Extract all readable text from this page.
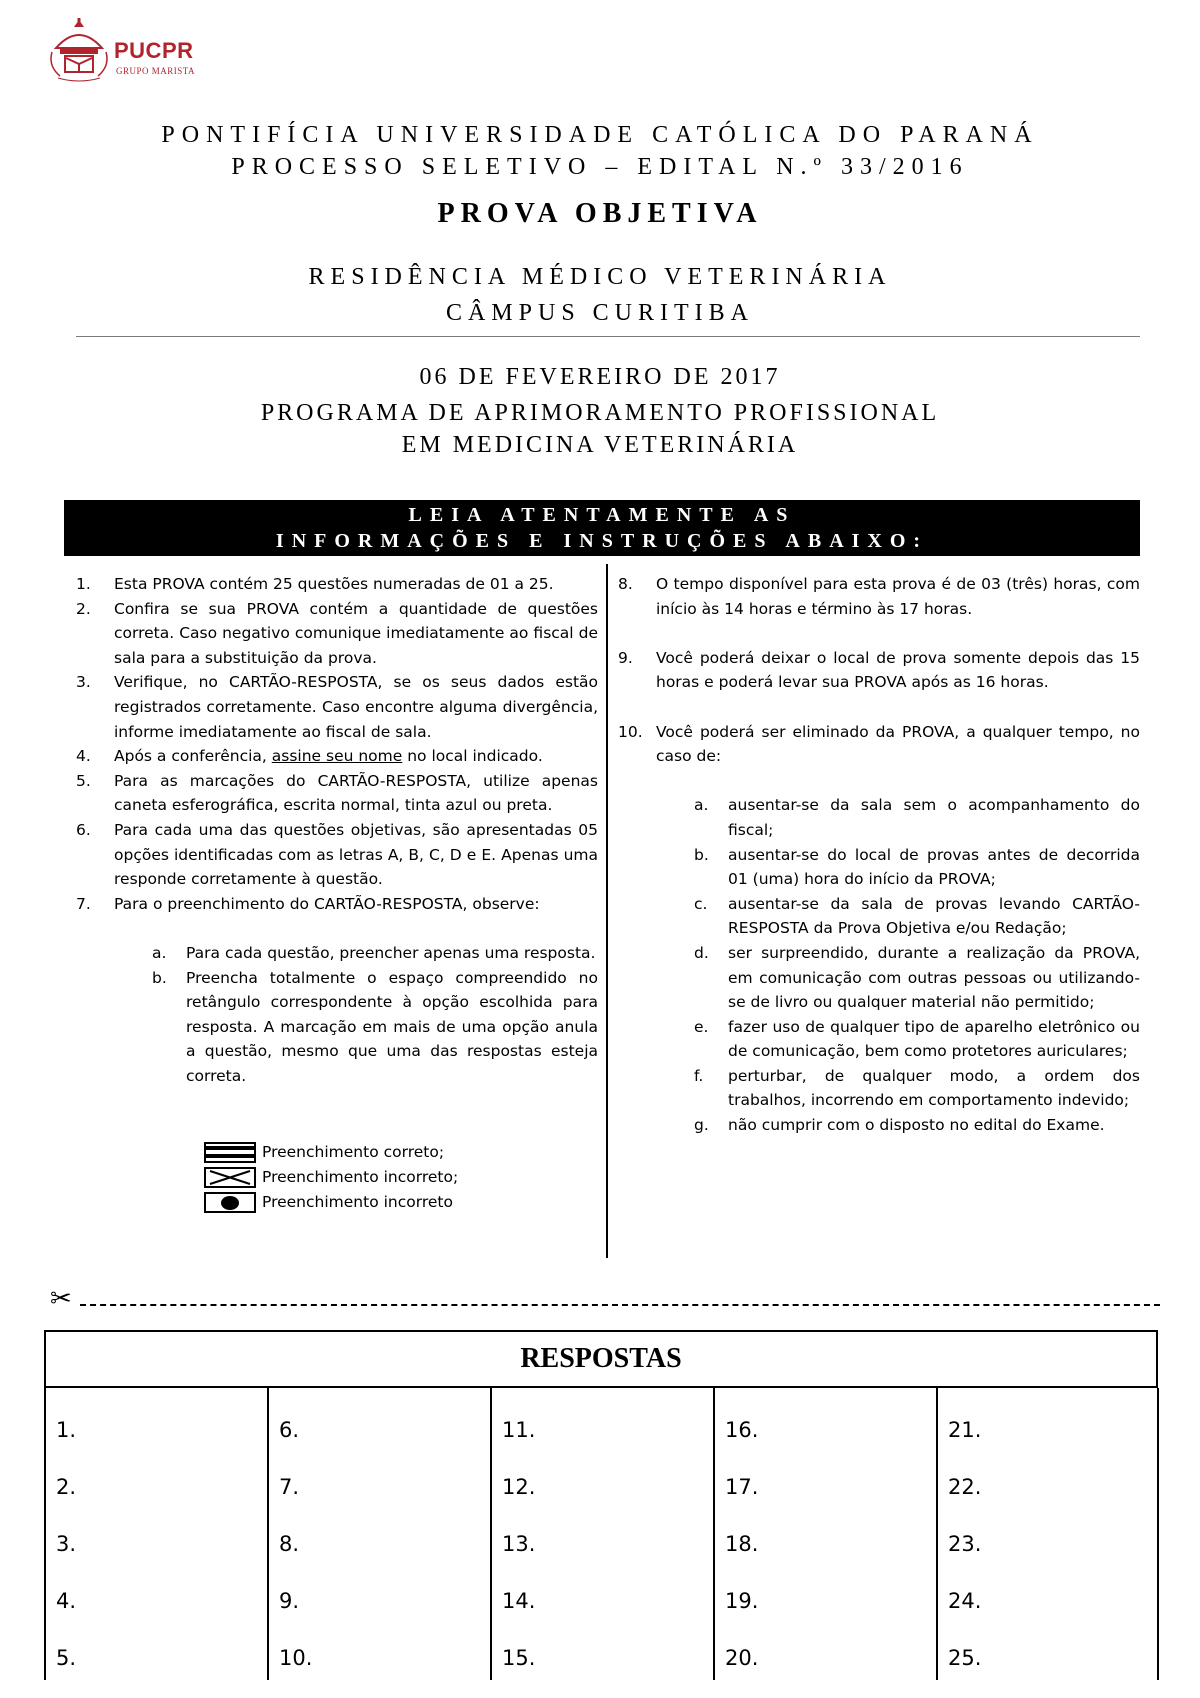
PUCPR
GRUPO MARISTA
PONTIFÍCIA UNIVERSIDADE CATÓLICA DO PARANÁ
PROCESSO SELETIVO – EDITAL N.º 33/2016
PROVA OBJETIVA
RESIDÊNCIA MÉDICO VETERINÁRIA
CÂMPUS CURITIBA
06 DE FEVEREIRO DE 2017
PROGRAMA DE APRIMORAMENTO PROFISSIONAL
EM MEDICINA VETERINÁRIA
LEIA ATENTAMENTE AS
INFORMAÇÕES E INSTRUÇÕES ABAIXO:
1. Esta PROVA contém 25 questões numeradas de 01 a 25.
2. Confira se sua PROVA contém a quantidade de questões correta. Caso negativo comunique imediatamente ao fiscal de sala para a substituição da prova.
3. Verifique, no CARTÃO-RESPOSTA, se os seus dados estão registrados corretamente. Caso encontre alguma divergência, informe imediatamente ao fiscal de sala.
4. Após a conferência, assine seu nome no local indicado.
5. Para as marcações do CARTÃO-RESPOSTA, utilize apenas caneta esferográfica, escrita normal, tinta azul ou preta.
6. Para cada uma das questões objetivas, são apresentadas 05 opções identificadas com as letras A, B, C, D e E. Apenas uma responde corretamente à questão.
7. Para o preenchimento do CARTÃO-RESPOSTA, observe:
a. Para cada questão, preencher apenas uma resposta.
b. Preencha totalmente o espaço compreendido no retângulo correspondente à opção escolhida para resposta. A marcação em mais de uma opção anula a questão, mesmo que uma das respostas esteja correta.
Preenchimento correto;
Preenchimento incorreto;
Preenchimento incorreto
8. O tempo disponível para esta prova é de 03 (três) horas, com início às 14 horas e término às 17 horas.
9. Você poderá deixar o local de prova somente depois das 15 horas e poderá levar sua PROVA após as 16 horas.
10. Você poderá ser eliminado da PROVA, a qualquer tempo, no caso de:
a. ausentar-se da sala sem o acompanhamento do fiscal;
b. ausentar-se do local de provas antes de decorrida 01 (uma) hora do início da PROVA;
c. ausentar-se da sala de provas levando CARTÃO-RESPOSTA da Prova Objetiva e/ou Redação;
d. ser surpreendido, durante a realização da PROVA, em comunicação com outras pessoas ou utilizando-se de livro ou qualquer material não permitido;
e. fazer uso de qualquer tipo de aparelho eletrônico ou de comunicação, bem como protetores auriculares;
f. perturbar, de qualquer modo, a ordem dos trabalhos, incorrendo em comportamento indevido;
g. não cumprir com o disposto no edital do Exame.
✂
RESPOSTAS
1.
2.
3.
4.
5.
6.
7.
8.
9.
10.
11.
12.
13.
14.
15.
16.
17.
18.
19.
20.
21.
22.
23.
24.
25.
